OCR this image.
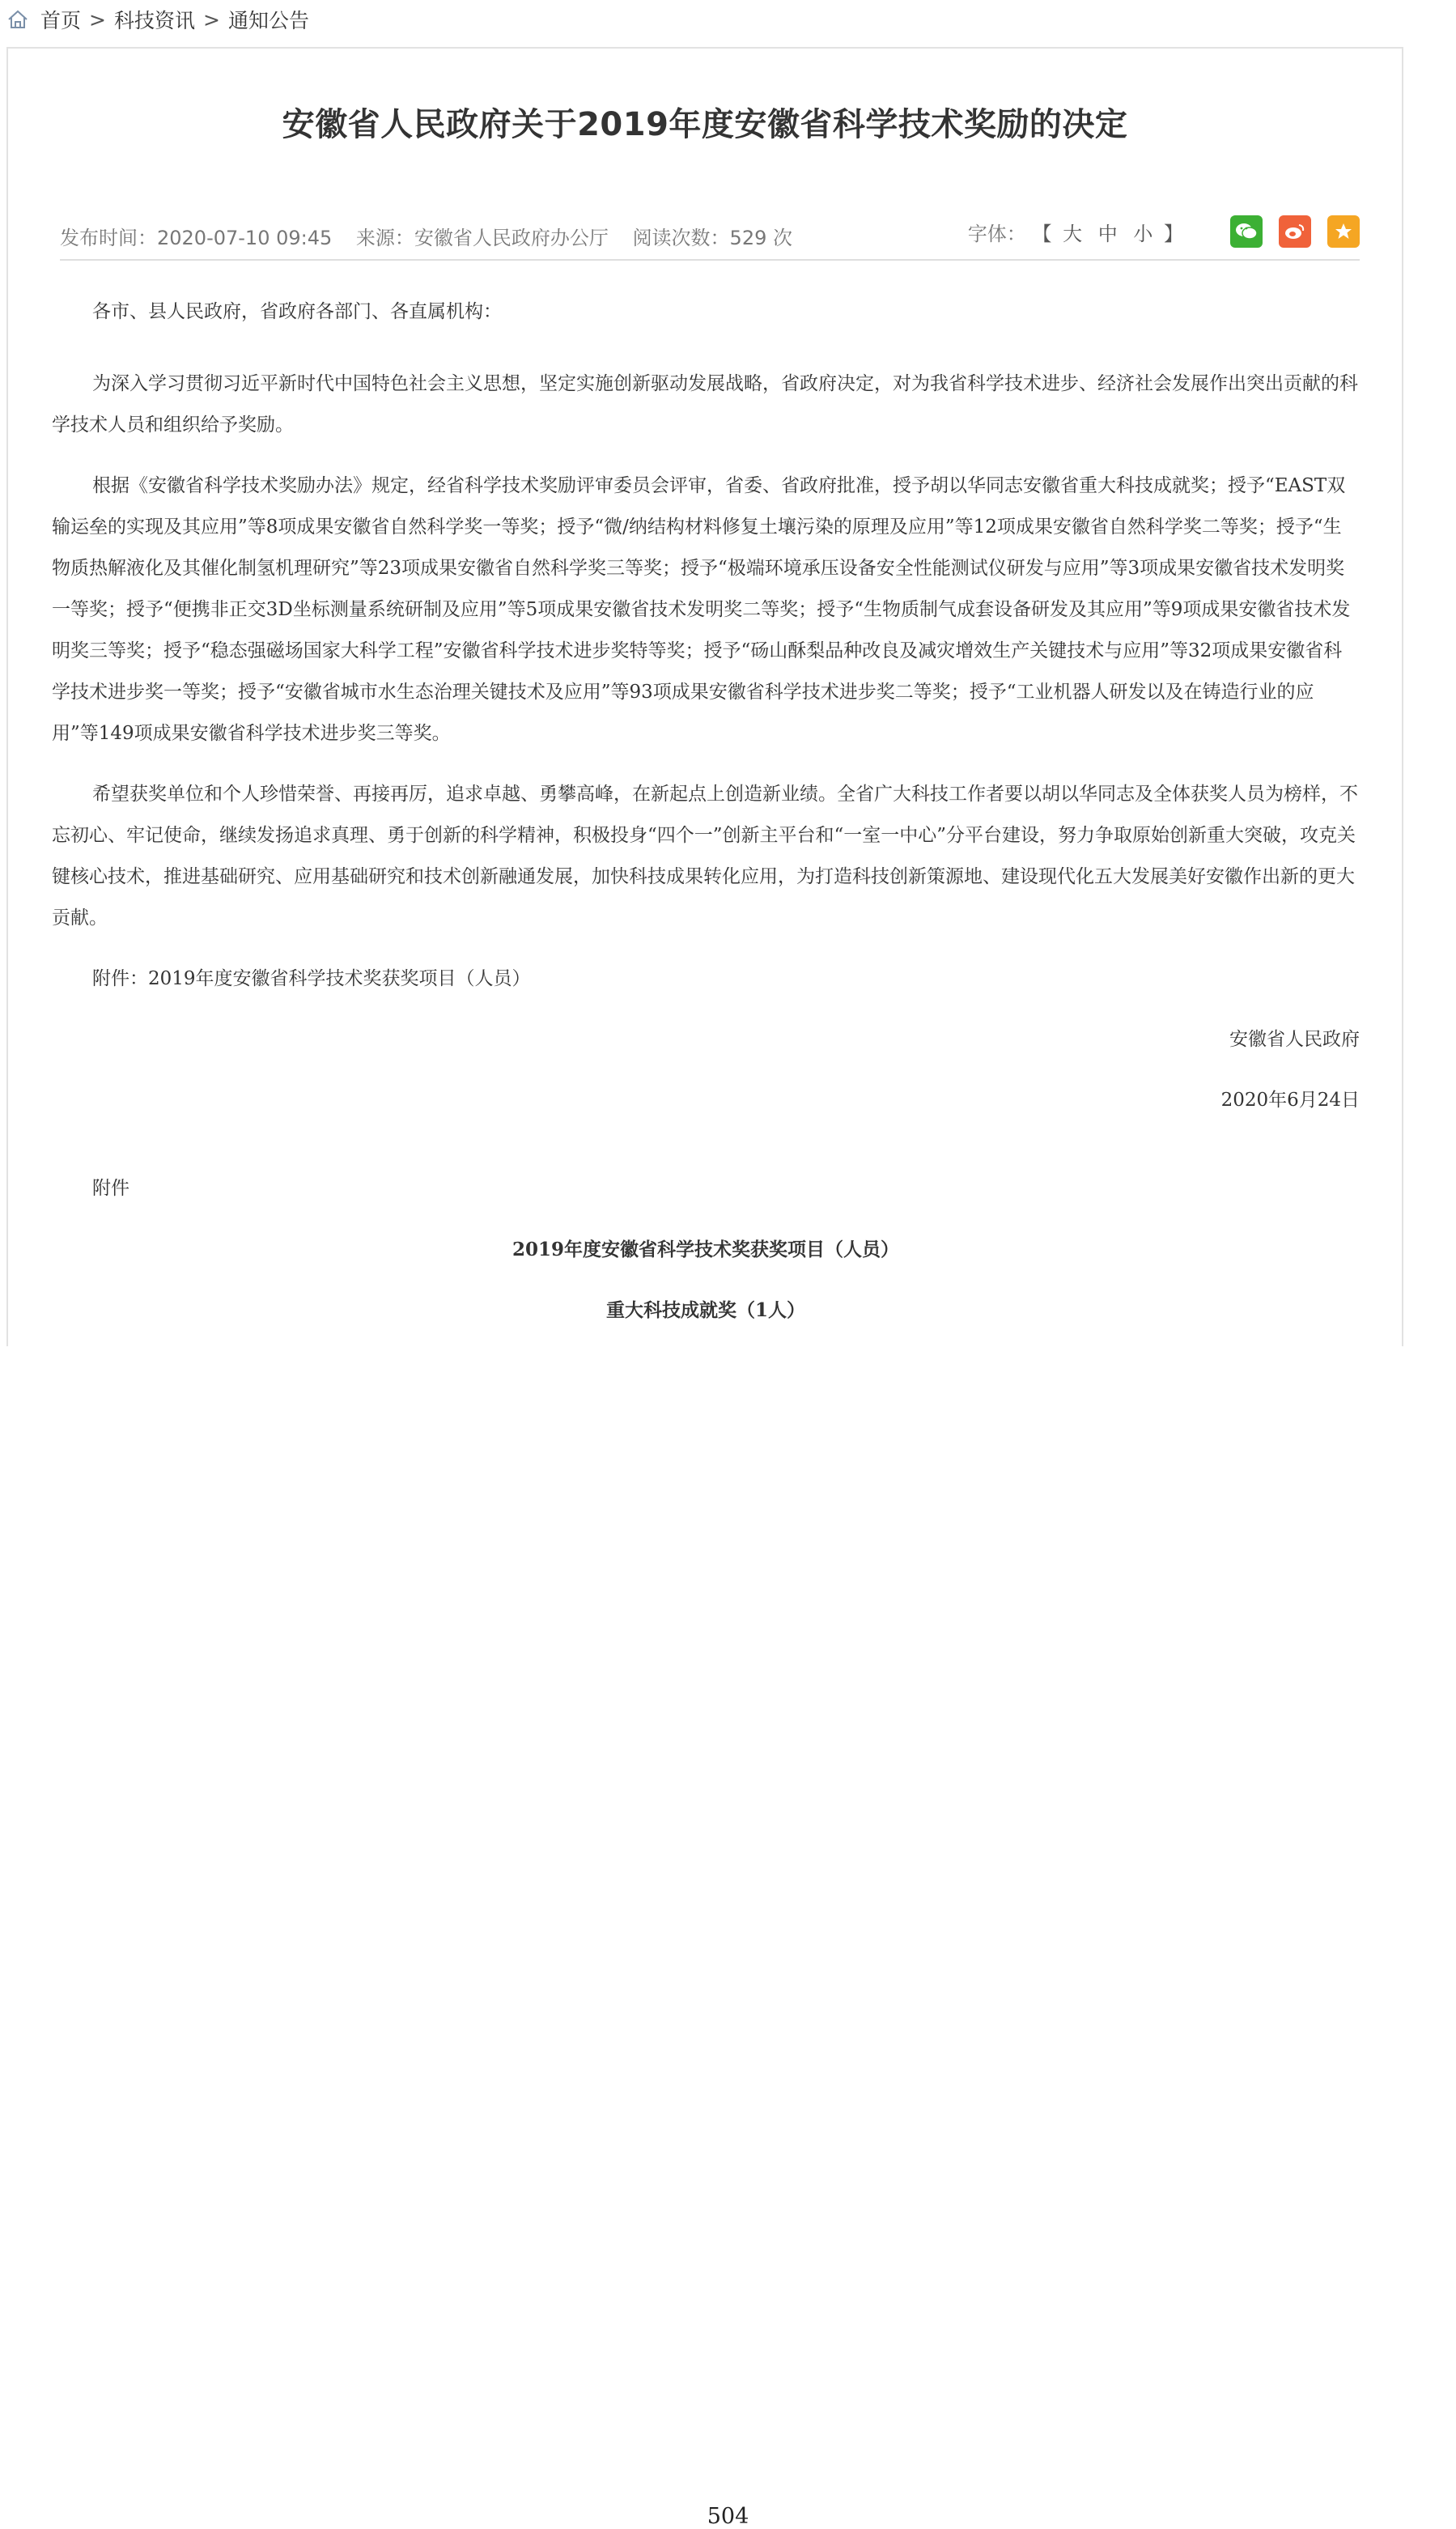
首页 > 科技资讯 > 通知公告
安徽省人民政府关于2019年度安徽省科学技术奖励的决定
发布时间：2020-07-10 09:45 来源：安徽省人民政府办公厅 阅读次数：529 次	字体： 【 大 中 小 】

各市、县人民政府，省政府各部门、各直属机构：

为深入学习贯彻习近平新时代中国特色社会主义思想，坚定实施创新驱动发展战略，省政府决定，对为我省科学技术进步、经济社会发展作出突出贡献的科学技术人员和组织给予奖励。

根据《安徽省科学技术奖励办法》规定，经省科学技术奖励评审委员会评审，省委、省政府批准，授予胡以华同志安徽省重大科技成就奖；授予“EAST双输运垒的实现及其应用”等8项成果安徽省自然科学奖一等奖；授予“微/纳结构材料修复土壤污染的原理及应用”等12项成果安徽省自然科学奖二等奖；授予“生物质热解液化及其催化制氢机理研究”等23项成果安徽省自然科学奖三等奖；授予“极端环境承压设备安全性能测试仪研发与应用”等3项成果安徽省技术发明奖一等奖；授予“便携非正交3D坐标测量系统研制及应用”等5项成果安徽省技术发明奖二等奖；授予“生物质制气成套设备研发及其应用”等9项成果安徽省技术发明奖三等奖；授予“稳态强磁场国家大科学工程”安徽省科学技术进步奖特等奖；授予“砀山酥梨品种改良及减灾增效生产关键技术与应用”等32项成果安徽省科学技术进步奖一等奖；授予“安徽省城市水生态治理关键技术及应用”等93项成果安徽省科学技术进步奖二等奖；授予“工业机器人研发以及在铸造行业的应用”等149项成果安徽省科学技术进步奖三等奖。

希望获奖单位和个人珍惜荣誉、再接再厉，追求卓越、勇攀高峰，在新起点上创造新业绩。全省广大科技工作者要以胡以华同志及全体获奖人员为榜样，不忘初心、牢记使命，继续发扬追求真理、勇于创新的科学精神，积极投身“四个一”创新主平台和“一室一中心”分平台建设，努力争取原始创新重大突破，攻克关键核心技术，推进基础研究、应用基础研究和技术创新融通发展，加快科技成果转化应用，为打造科技创新策源地、建设现代化五大发展美好安徽作出新的更大贡献。

附件：2019年度安徽省科学技术奖获奖项目（人员）

安徽省人民政府

2020年6月24日

附件

2019年度安徽省科学技术奖获奖项目（人员）

重大科技成就奖（1人）

504
